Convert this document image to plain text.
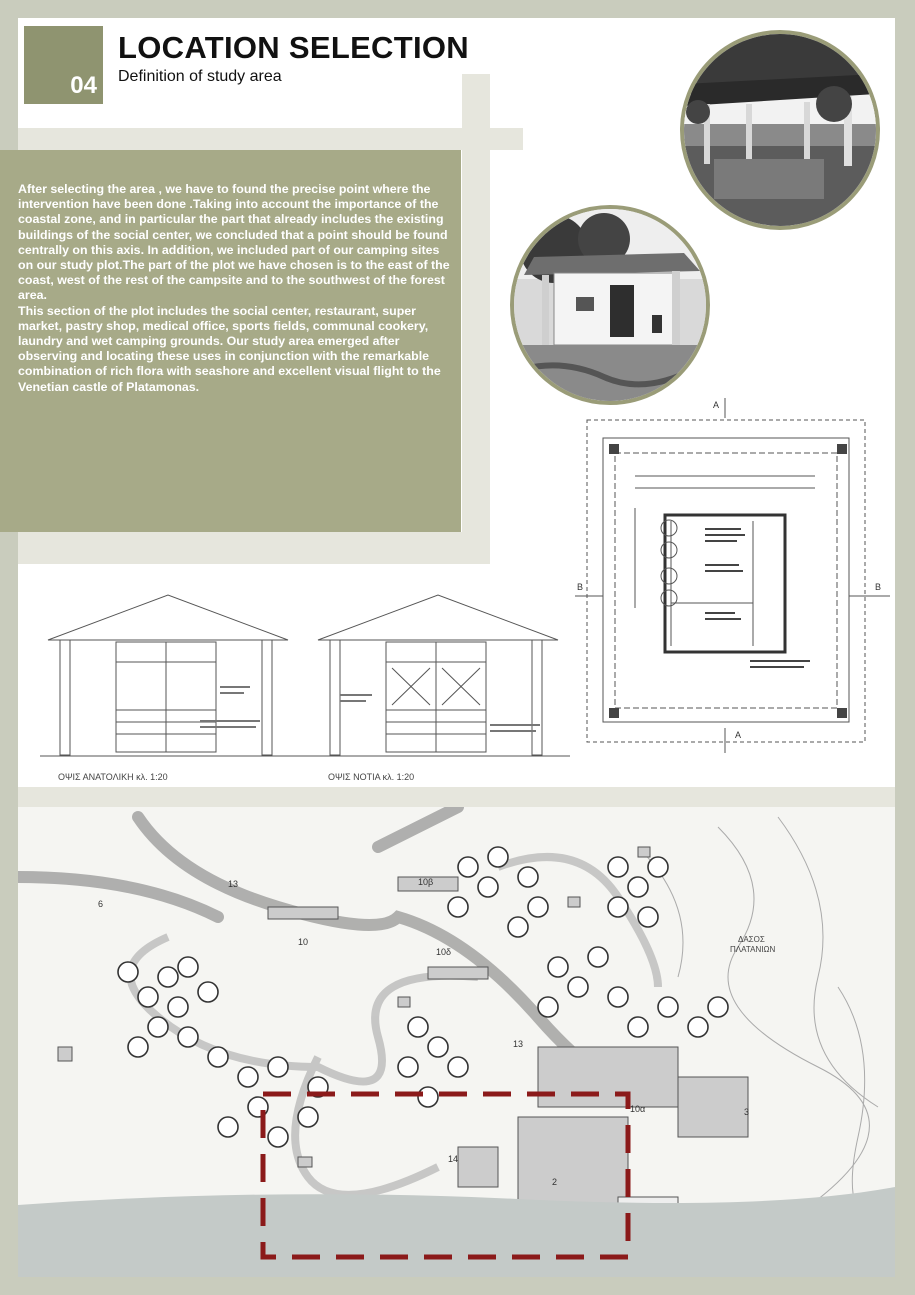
04
LOCATION SELECTION
Definition of study area

After selecting the area , we have to found the precise point where the intervention have been done .Taking into account the importance of the coastal zone, and in particular the part that already includes the existing buildings of the social center, we concluded that a point should be found centrally on this axis. In addition, we included part of our camping sites on our study plot.The part of the plot we have chosen is to the east of the coast, west of the rest of the campsite and to the southwest of the forest area.
This section of the plot includes the social center, restaurant, super market, pastry shop, medical office, sports fields, communal cookery, laundry and wet camping grounds. Our study area emerged after observing and locating these uses in conjunction with the remarkable combination of rich flora with seashore and excellent visual flight to the Venetian castle of Platamonas.

ΟΨΙΣ ΑΝΑΤΟΛΙΚΗ κλ. 1:20	ΟΨΙΣ ΝΟΤΙΑ κλ. 1:20
A
A
B	B
ΔΑΣΟΣ
ΠΛΑΤΑΝΙΩΝ
6
13	10β
10
10δ
13
10α	3
2
14
